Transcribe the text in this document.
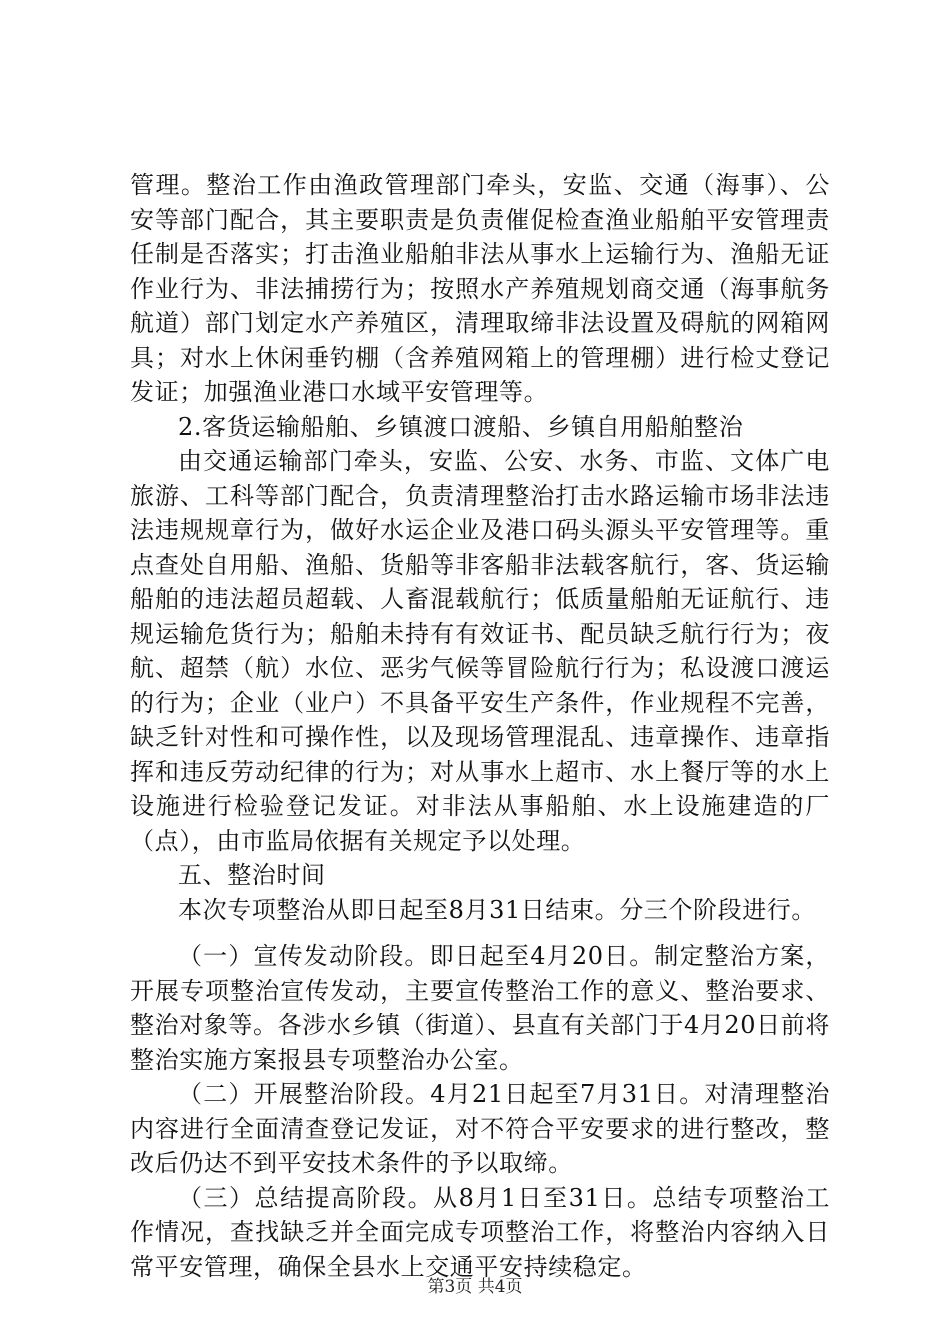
管理。整治工作由渔政管理部门牵头，安监、交通（海事）、公安等部门配合，其主要职责是负责催促检查渔业船舶平安管理责任制是否落实；打击渔业船舶非法从事水上运输行为、渔船无证作业行为、非法捕捞行为；按照水产养殖规划商交通（海事航务航道）部门划定水产养殖区，清理取缔非法设置及碍航的网箱网具；对水上休闲垂钓棚（含养殖网箱上的管理棚）进行检丈登记发证；加强渔业港口水域平安管理等。

2.客货运输船舶、乡镇渡口渡船、乡镇自用船舶整治

由交通运输部门牵头，安监、公安、水务、市监、文体广电旅游、工科等部门配合，负责清理整治打击水路运输市场非法违法违规规章行为，做好水运企业及港口码头源头平安管理等。重点查处自用船、渔船、货船等非客船非法载客航行，客、货运输船舶的违法超员超载、人畜混载航行；低质量船舶无证航行、违规运输危货行为；船舶未持有有效证书、配员缺乏航行行为；夜航、超禁（航）水位、恶劣气候等冒险航行行为；私设渡口渡运的行为；企业（业户）不具备平安生产条件，作业规程不完善，缺乏针对性和可操作性，以及现场管理混乱、违章操作、违章指挥和违反劳动纪律的行为；对从事水上超市、水上餐厅等的水上设施进行检验登记发证。对非法从事船舶、水上设施建造的厂（点），由市监局依据有关规定予以处理。

五、整治时间

本次专项整治从即日起至8月31日结束。分三个阶段进行。

（一）宣传发动阶段。即日起至4月20日。制定整治方案，开展专项整治宣传发动，主要宣传整治工作的意义、整治要求、整治对象等。各涉水乡镇（街道）、县直有关部门于4月20日前将整治实施方案报县专项整治办公室。

（二）开展整治阶段。4月21日起至7月31日。对清理整治内容进行全面清查登记发证，对不符合平安要求的进行整改，整改后仍达不到平安技术条件的予以取缔。

（三）总结提高阶段。从8月1日至31日。总结专项整治工作情况，查找缺乏并全面完成专项整治工作，将整治内容纳入日常平安管理，确保全县水上交通平安持续稳定。

第3页 共4页
